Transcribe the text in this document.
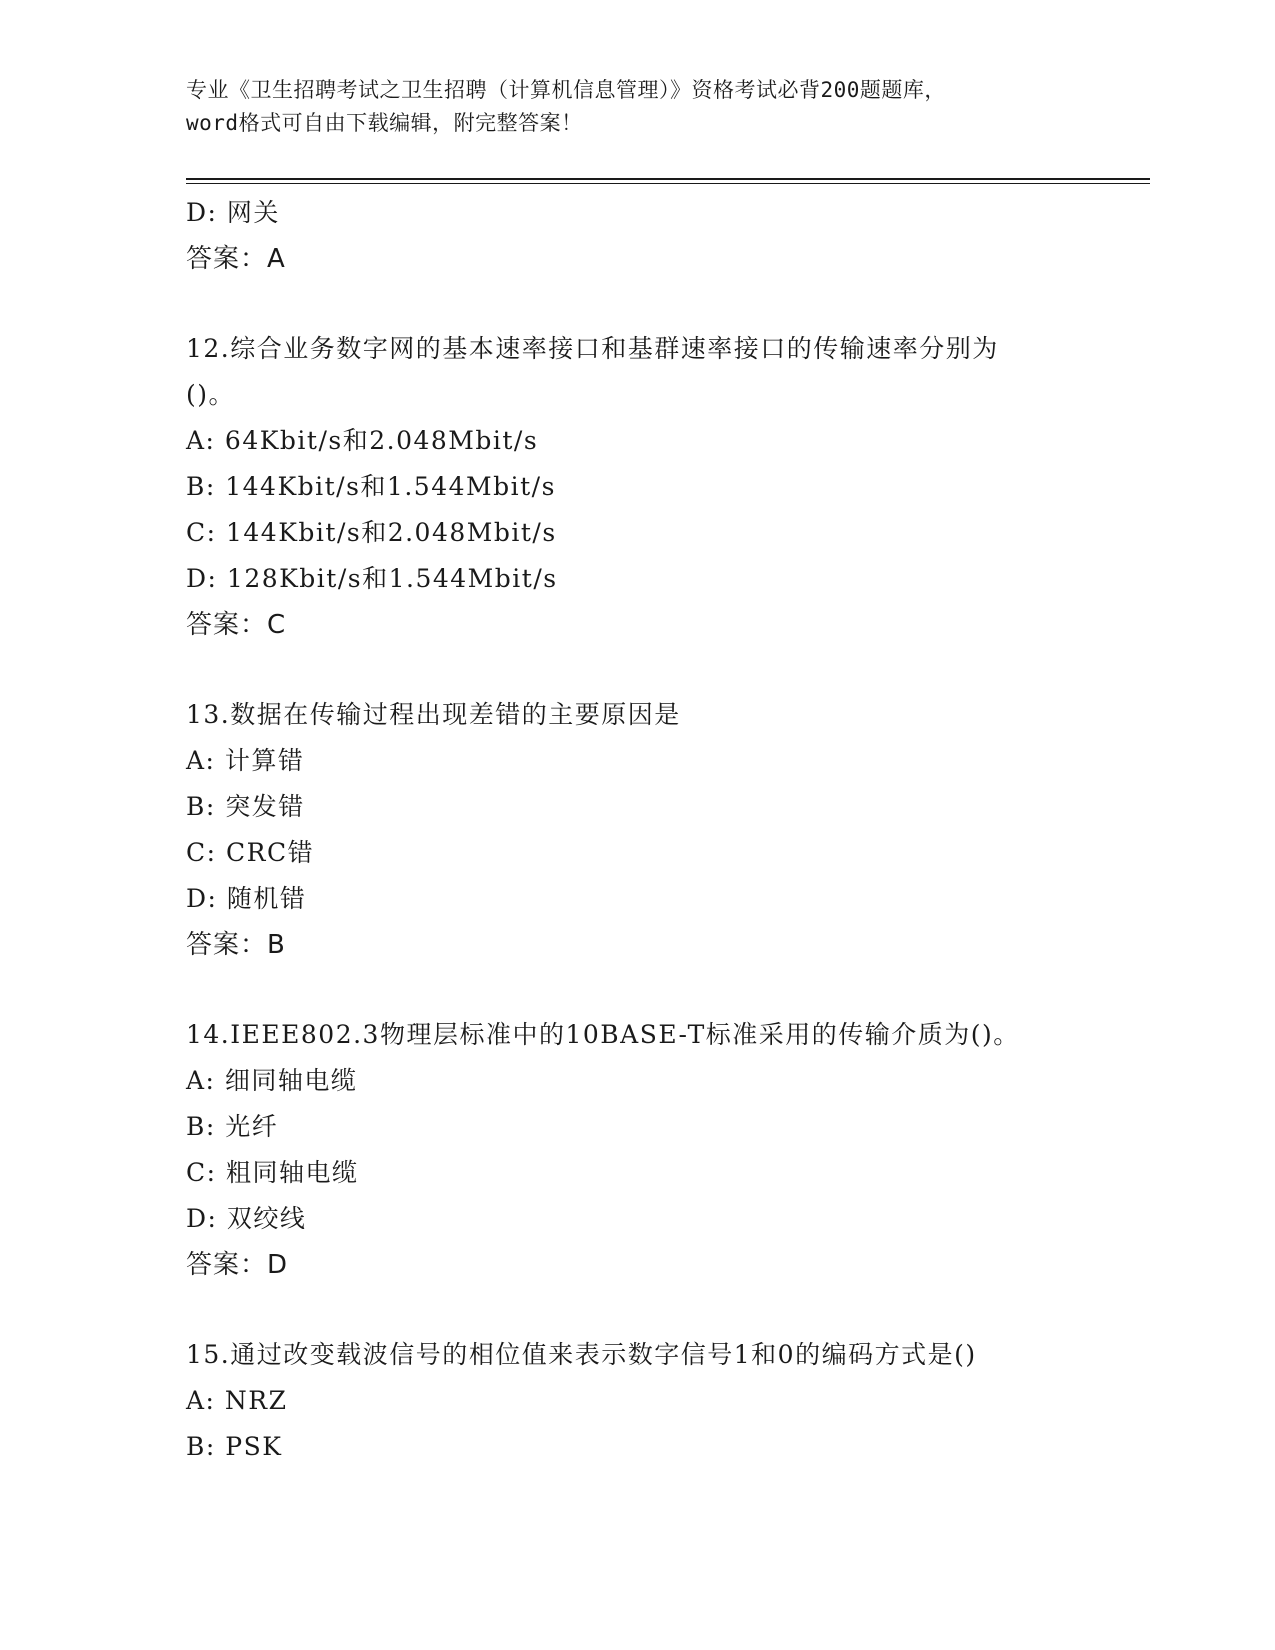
专业《卫生招聘考试之卫生招聘（计算机信息管理）》资格考试必背200题题库，
word格式可自由下载编辑，附完整答案！
D: 网关
答案：A
12.综合业务数字网的基本速率接口和基群速率接口的传输速率分别为
()。
A: 64Kbit/s和2.048Mbit/s
B: 144Kbit/s和1.544Mbit/s
C: 144Kbit/s和2.048Mbit/s
D: 128Kbit/s和1.544Mbit/s
答案：C
13.数据在传输过程出现差错的主要原因是
A: 计算错
B: 突发错
C: CRC错
D: 随机错
答案：B
14.IEEE802.3物理层标准中的10BASE-T标准采用的传输介质为()。
A: 细同轴电缆
B: 光纤
C: 粗同轴电缆
D: 双绞线
答案：D
15.通过改变载波信号的相位值来表示数字信号1和0的编码方式是()
A: NRZ
B: PSK
